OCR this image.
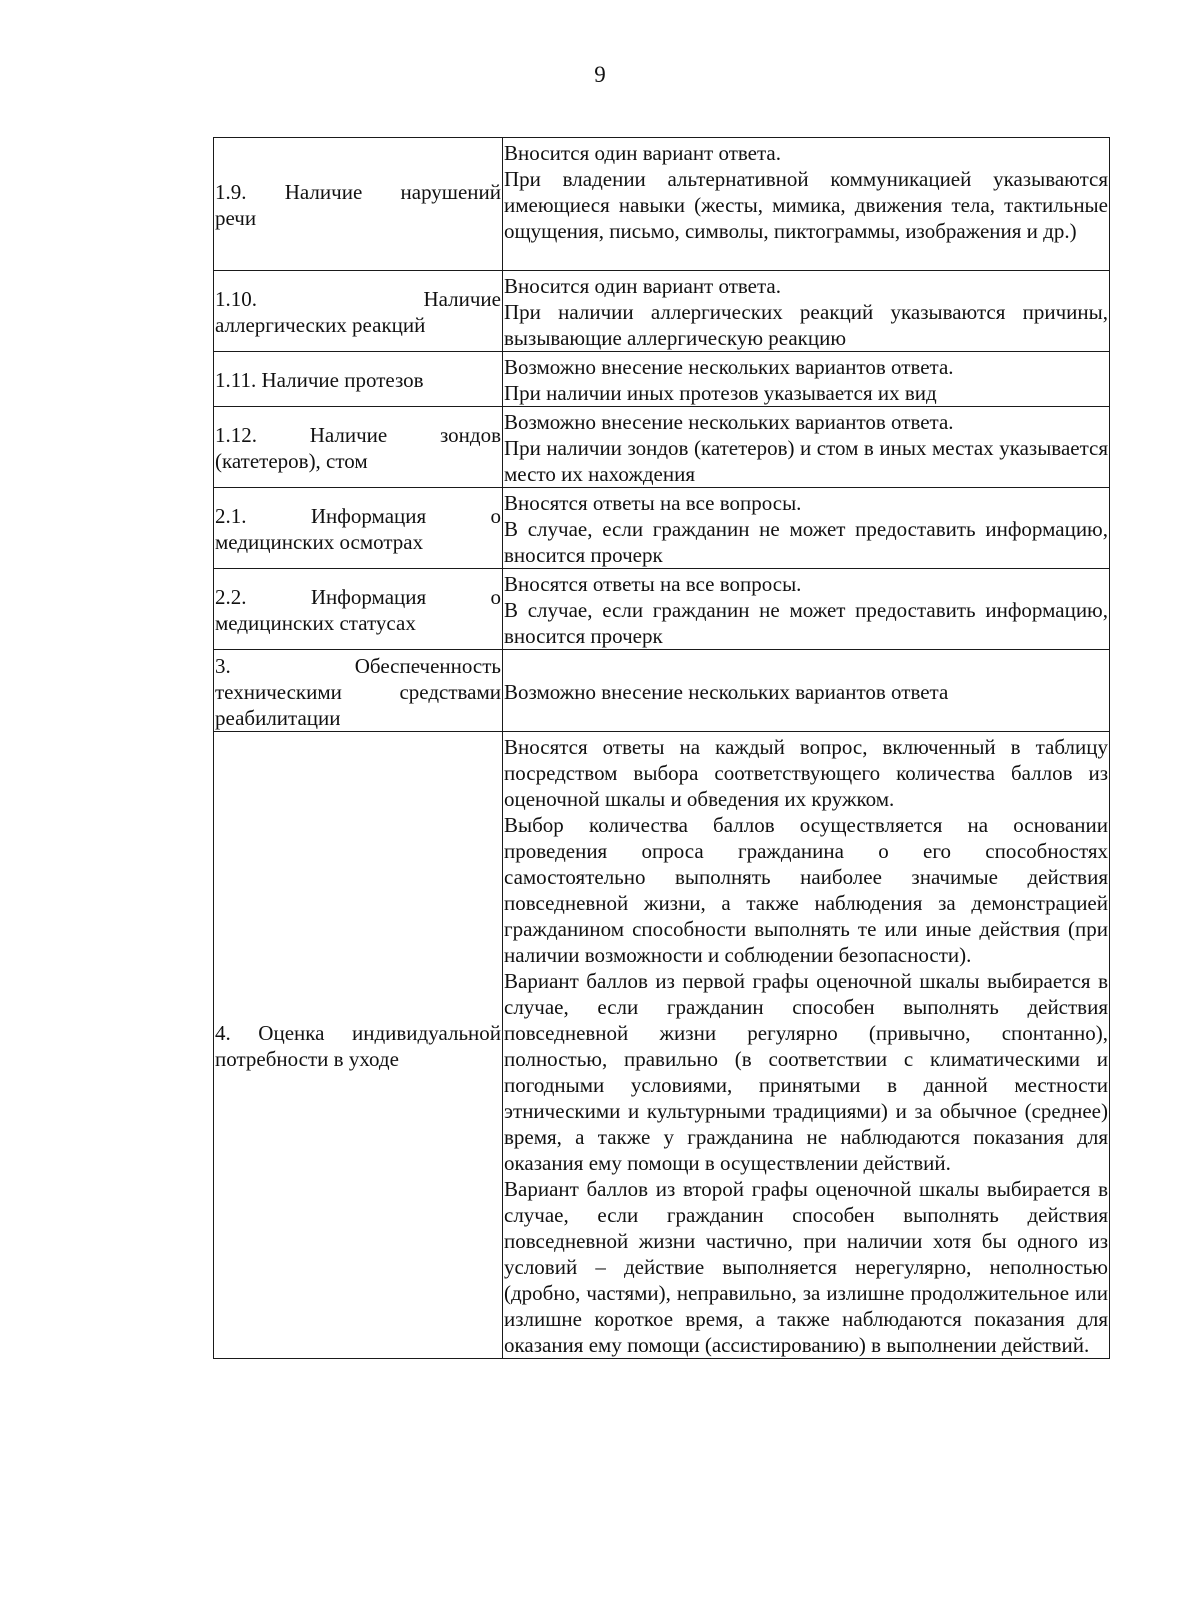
9
1.9. Наличие нарушений
речи	Вносится один вариант ответа.
При владении альтернативной коммуникацией указываются имеющиеся навыки (жесты, мимика, движения тела, тактильные ощущения, письмо, символы, пиктограммы, изображения и др.)

1.10. Наличие
аллергических реакций	Вносится один вариант ответа.
При наличии аллергических реакций указываются причины, вызывающие аллергическую реакцию

1.11. Наличие протезов	Возможно внесение нескольких вариантов ответа.
При наличии иных протезов указывается их вид

1.12. Наличие зондов
(катетеров), стом	Возможно внесение нескольких вариантов ответа.
При наличии зондов (катетеров) и стом в иных местах указывается место их нахождения

2.1. Информация о
медицинских осмотрах	Вносятся ответы на все вопросы.
В случае, если гражданин не может предоставить информацию, вносится прочерк

2.2. Информация о
медицинских статусах	Вносятся ответы на все вопросы.
В случае, если гражданин не может предоставить информацию, вносится прочерк

3. Обеспеченность
техническими средствами
реабилитации	Возможно внесение нескольких вариантов ответа

4. Оценка индивидуальной
потребности в уходе	Вносятся ответы на каждый вопрос, включенный в таблицу посредством выбора соответствующего количества баллов из оценочной шкалы и обведения их кружком.
Выбор количества баллов осуществляется на основании проведения опроса гражданина о его способностях самостоятельно выполнять наиболее значимые действия повседневной жизни, а также наблюдения за демонстрацией гражданином способности выполнять те или иные действия (при наличии возможности и соблюдении безопасности).
Вариант баллов из первой графы оценочной шкалы выбирается в случае, если гражданин способен выполнять действия повседневной жизни регулярно (привычно, спонтанно), полностью, правильно (в соответствии с климатическими и погодными условиями, принятыми в данной местности этническими и культурными традициями) и за обычное (среднее) время, а также у гражданина не наблюдаются показания для оказания ему помощи в осуществлении действий.
Вариант баллов из второй графы оценочной шкалы выбирается в случае, если гражданин способен выполнять действия повседневной жизни частично, при наличии хотя бы одного из условий – действие выполняется нерегулярно, неполностью (дробно, частями), неправильно, за излишне продолжительное или излишне короткое время, а также наблюдаются показания для оказания ему помощи (ассистированию) в выполнении действий.
